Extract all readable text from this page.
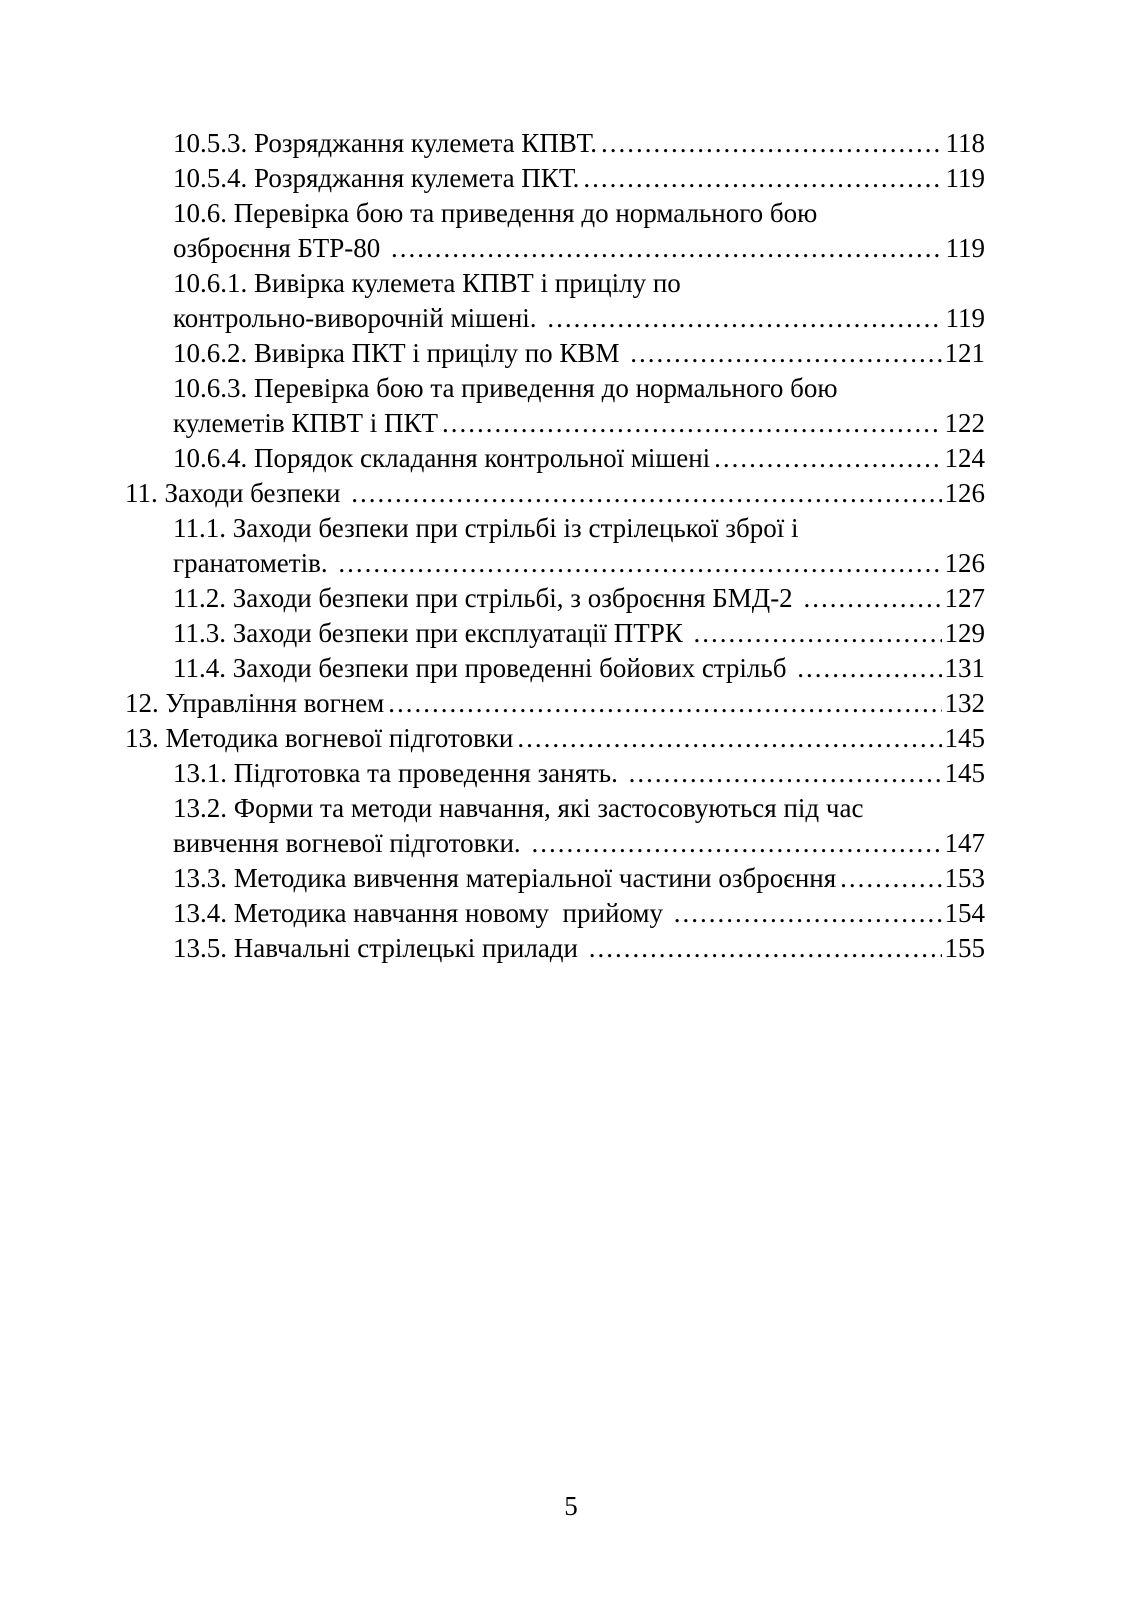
10.5.3. Розряджання кулемета КПВТ. .....	118
10.5.4. Розряджання кулемета ПКТ. .....	119
10.6. Перевірка бою та приведення до нормального бою
озброєння БТР-80 .....	119
10.6.1. Вивірка кулемета КПВТ і прицілу по
контрольно-виворочній мішені. .....	119
10.6.2. Вивірка ПКТ і прицілу по КВМ .....	121
10.6.3. Перевірка бою та приведення до нормального бою
кулеметів КПВТ і ПКТ .....	122
10.6.4. Порядок складання контрольної мішені .....	124
11. Заходи безпеки .....	126
11.1. Заходи безпеки при стрільбі із стрілецької зброї і
гранатометів. .....	126
11.2. Заходи безпеки при стрільбі, з озброєння БМД-2 .....	127
11.3. Заходи безпеки при експлуатації ПТРК .....	129
11.4. Заходи безпеки при проведенні бойових стрільб .....	131
12. Управління вогнем .....	132
13. Методика вогневої підготовки .....	145
13.1. Підготовка та проведення занять. .....	145
13.2. Форми та методи навчання, які застосовуються під час
вивчення вогневої підготовки. .....	147
13.3. Методика вивчення матеріальної частини озброєння .....	153
13.4. Методика навчання новому  прийому .....	154
13.5. Навчальні стрілецькі прилади .....	155
5
